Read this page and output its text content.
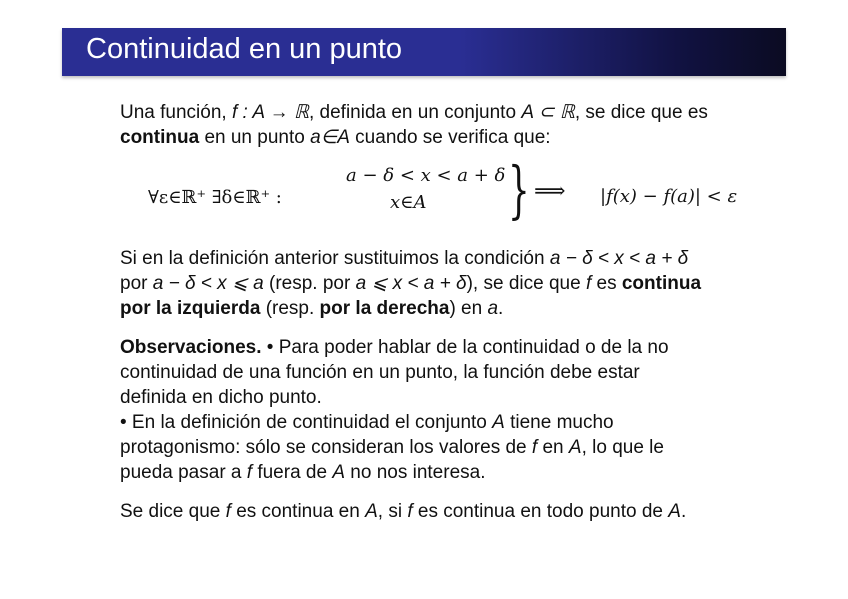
Continuidad en un punto

Una función, f : A → ℝ, definida en un conjunto A ⊂ ℝ, se dice que es
continua en un punto a∈A cuando se verifica que:

∀ε∈ℝ⁺ ∃δ∈ℝ⁺ :
a − δ < x < a + δ
x∈A } ⟹ |f(x) − f(a)| < ε

Si en la definición anterior sustituimos la condición a − δ < x < a + δ
por a − δ < x ⩽ a (resp. por a ⩽ x < a + δ), se dice que f es continua
por la izquierda (resp. por la derecha) en a.

Observaciones. • Para poder hablar de la continuidad o de la no
continuidad de una función en un punto, la función debe estar
definida en dicho punto.
• En la definición de continuidad el conjunto A tiene mucho
protagonismo: sólo se consideran los valores de f en A, lo que le
pueda pasar a f fuera de A no nos interesa.

Se dice que f es continua en A, si f es continua en todo punto de A.
